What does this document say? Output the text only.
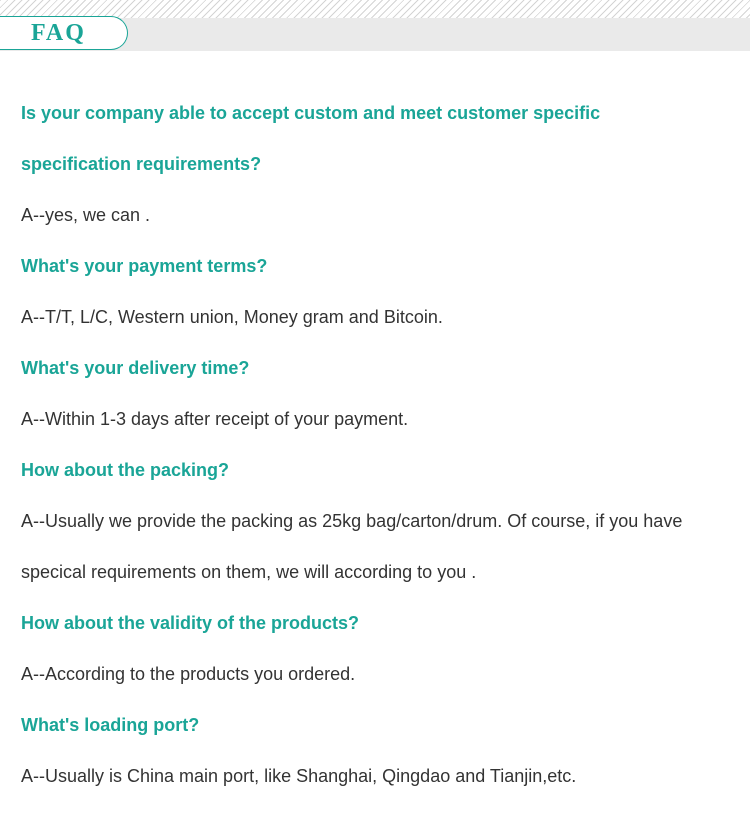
FAQ
Is your company able to accept custom and meet customer specific
specification requirements?
A--yes, we can .
What's your payment terms?
A--T/T, L/C, Western union, Money gram and Bitcoin.
What's your delivery time?
A--Within 1-3 days after receipt of your payment.
How about the packing?
A--Usually we provide the packing as 25kg bag/carton/drum. Of course, if you have
specical requirements on them, we will according to you .
How about the validity of the products?
A--According to the products you ordered.
What's loading port?
A--Usually is China main port, like Shanghai, Qingdao and Tianjin,etc.
